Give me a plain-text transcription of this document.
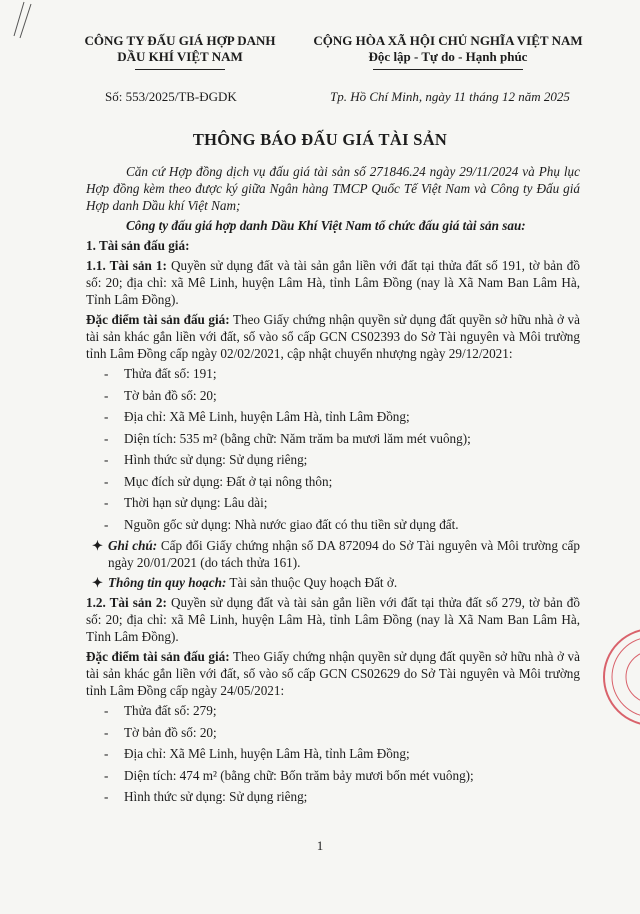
CÔNG TY ĐẤU GIÁ HỢP DANH
DẦU KHÍ VIỆT NAM
CỘNG HÒA XÃ HỘI CHỦ NGHĨA VIỆT NAM
Độc lập - Tự do - Hạnh phúc
Số: 553/2025/TB-ĐGDK	Tp. Hồ Chí Minh, ngày 11 tháng 12 năm 2025
THÔNG BÁO ĐẤU GIÁ TÀI SẢN

Căn cứ Hợp đồng dịch vụ đấu giá tài sản số 271846.24 ngày 29/11/2024 và Phụ lục Hợp đồng kèm theo được ký giữa Ngân hàng TMCP Quốc Tế Việt Nam và Công ty Đấu giá Hợp danh Dầu khí Việt Nam;

Công ty đấu giá hợp danh Dầu Khí Việt Nam tổ chức đấu giá tài sản sau:

1. Tài sản đấu giá:

1.1. Tài sản 1: Quyền sử dụng đất và tài sản gắn liền với đất tại thửa đất số 191, tờ bản đồ số: 20; địa chỉ: xã Mê Linh, huyện Lâm Hà, tỉnh Lâm Đồng (nay là Xã Nam Ban Lâm Hà, Tỉnh Lâm Đồng).

Đặc điểm tài sản đấu giá: Theo Giấy chứng nhận quyền sử dụng đất quyền sở hữu nhà ở và tài sản khác gắn liền với đất, số vào sổ cấp GCN CS02393 do Sở Tài nguyên và Môi trường tỉnh Lâm Đồng cấp ngày 02/02/2021, cập nhật chuyển nhượng ngày 29/12/2021:

- Thửa đất số: 191;
- Tờ bản đồ số: 20;
- Địa chỉ: Xã Mê Linh, huyện Lâm Hà, tỉnh Lâm Đồng;
- Diện tích: 535 m² (bằng chữ: Năm trăm ba mươi lăm mét vuông);
- Hình thức sử dụng: Sử dụng riêng;
- Mục đích sử dụng: Đất ở tại nông thôn;
- Thời hạn sử dụng: Lâu dài;
- Nguồn gốc sử dụng: Nhà nước giao đất có thu tiền sử dụng đất.

✦ Ghi chú: Cấp đổi Giấy chứng nhận số DA 872094 do Sở Tài nguyên và Môi trường cấp ngày 20/01/2021 (do tách thửa 161).

✦ Thông tin quy hoạch: Tài sản thuộc Quy hoạch Đất ở.

1.2. Tài sản 2: Quyền sử dụng đất và tài sản gắn liền với đất tại thửa đất số 279, tờ bản đồ số: 20; địa chỉ: xã Mê Linh, huyện Lâm Hà, tỉnh Lâm Đồng (nay là Xã Nam Ban Lâm Hà, Tỉnh Lâm Đồng).

Đặc điểm tài sản đấu giá: Theo Giấy chứng nhận quyền sử dụng đất quyền sở hữu nhà ở và tài sản khác gắn liền với đất, số vào sổ cấp GCN CS02629 do Sở Tài nguyên và Môi trường tỉnh Lâm Đồng cấp ngày 24/05/2021:

- Thửa đất số: 279;
- Tờ bản đồ số: 20;
- Địa chỉ: Xã Mê Linh, huyện Lâm Hà, tỉnh Lâm Đồng;
- Diện tích: 474 m² (bằng chữ: Bốn trăm bảy mươi bốn mét vuông);
- Hình thức sử dụng: Sử dụng riêng;
1
